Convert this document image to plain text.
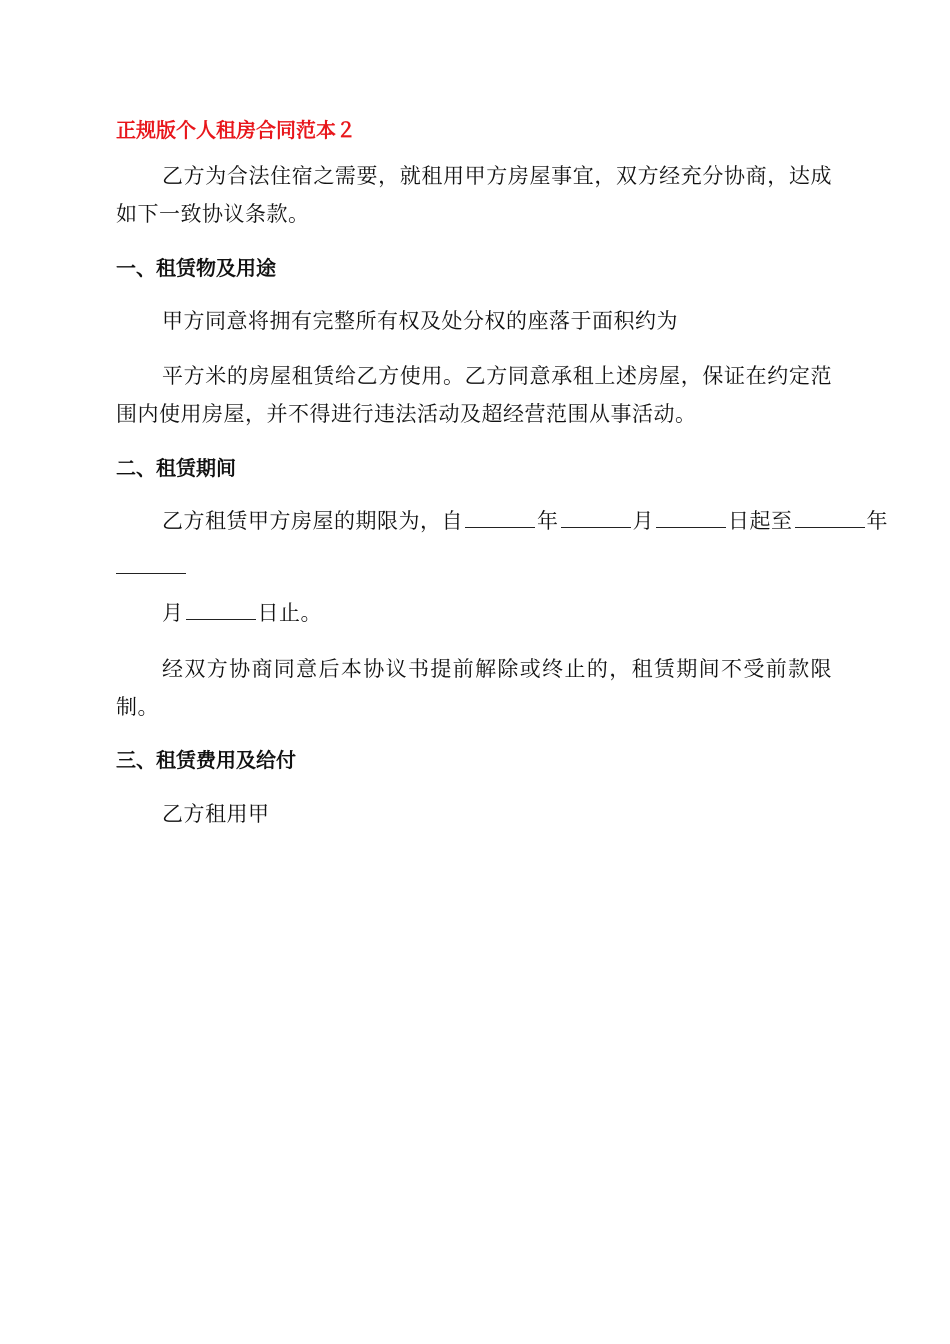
正规版个人租房合同范本２
乙方为合法住宿之需要，就租用甲方房屋事宜，双方经充分协商，达成如下一致协议条款。
一、租赁物及用途
甲方同意将拥有完整所有权及处分权的座落于面积约为
平方米的房屋租赁给乙方使用。乙方同意承租上述房屋，保证在约定范围内使用房屋，并不得进行违法活动及超经营范围从事活动。
二、租赁期间
乙方租赁甲方房屋的期限为，自	年	月	日起至	年
月	日止。
经双方协商同意后本协议书提前解除或终止的，租赁期间不受前款限制。
三、租赁费用及给付
乙方租用甲
